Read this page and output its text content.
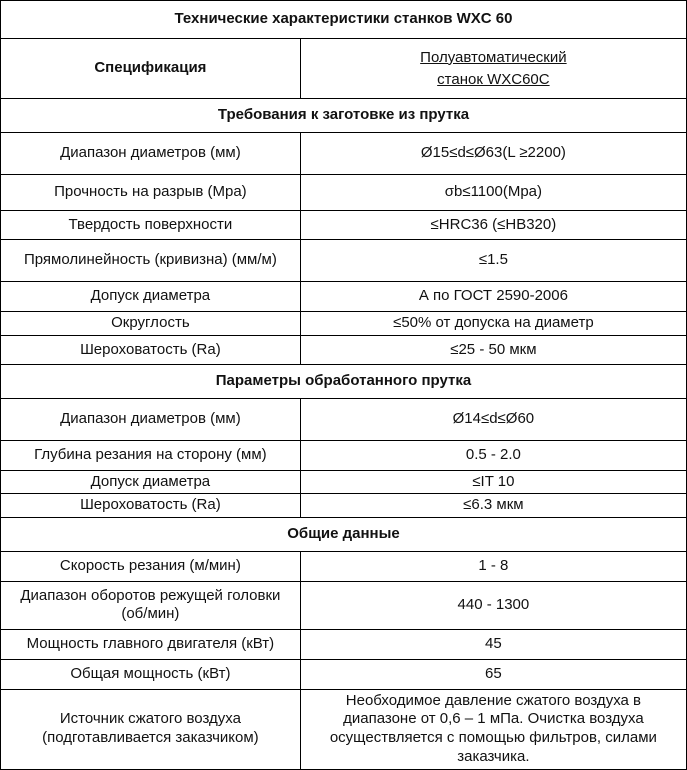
Технические характеристики станков WXC 60	
Спецификация	Полуавтоматический
станок WXC60C
Требования к заготовке из прутка	
Диапазон диаметров (мм)	Ø15≤d≤Ø63(L ≥2200)
Прочность на разрыв (Mpa)	σb≤1100(Mpa)
Твердость поверхности	≤HRC36 (≤HB320)
Прямолинейность (кривизна) (мм/м)	≤1.5
Допуск диаметра	А по ГОСТ 2590-2006
Округлость	≤50% от допуска на диаметр
Шероховатость (Ra)	≤25 - 50 мкм
Параметры обработанного прутка	
Диапазон диаметров (мм)	Ø14≤d≤Ø60
Глубина резания на сторону (мм)	0.5 - 2.0
Допуск диаметра	≤IT 10
Шероховатость (Ra)	≤6.3 мкм
Общие данные	
Скорость резания (м/мин)	1 - 8
Диапазон оборотов режущей головки (об/мин)	440 - 1300
Мощность главного двигателя (кВт)	45
Общая мощность (кВт)	65
Источник сжатого воздуха (подготавливается заказчиком)	Необходимое давление сжатого воздуха в диапазоне от 0,6 – 1 мПа. Очистка воздуха осуществляется с помощью фильтров, силами заказчика.
